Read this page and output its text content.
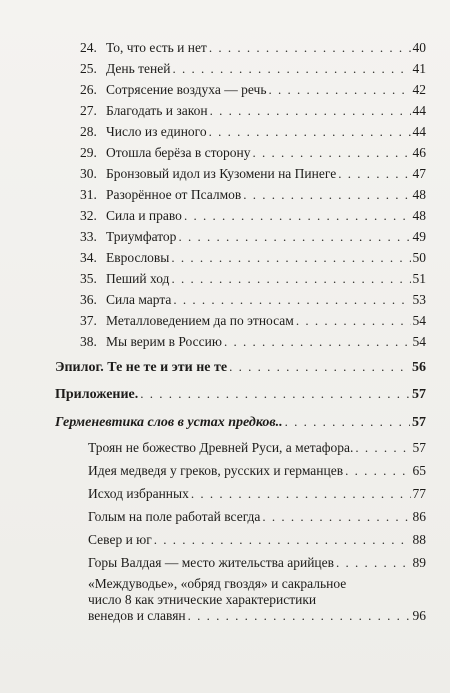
24. То, что есть и нет . . .	40
25. День теней . . .	41
26. Сотрясение воздуха — речь . . .	42
27. Благодать и закон . . .	44
28. Число из единого . . .	44
29. Отошла берёза в сторону . . .	46
30. Бронзовый идол из Кузомени на Пинеге . . .	47
31. Разорённое от Псалмов . . .	48
32. Сила и право . . .	48
33. Триумфатор . . .	49
34. Еврословы . . .	50
35. Пеший ход . . .	51
36. Сила марта . . .	53
37. Металловедением да по этносам . . .	54
38. Мы верим в Россию . . .	54
Эпилог. Те не те и эти не те . . .	56
Приложение. . . .	57
Герменевтика слов в устах предков.. . . .	57
Троян не божество Древней Руси, а метафора. . . .	57
Идея медведя у греков, русских и германцев . . .	65
Исход избранных . . .	77
Голым на поле работай всегда . . .	86
Север и юг . . .	88
Горы Валдая — место жительства арийцев . . .	89
«Междуводье», «обряд гвоздя» и сакральное
число 8 как этнические характеристики
венедов и славян . . .	96
